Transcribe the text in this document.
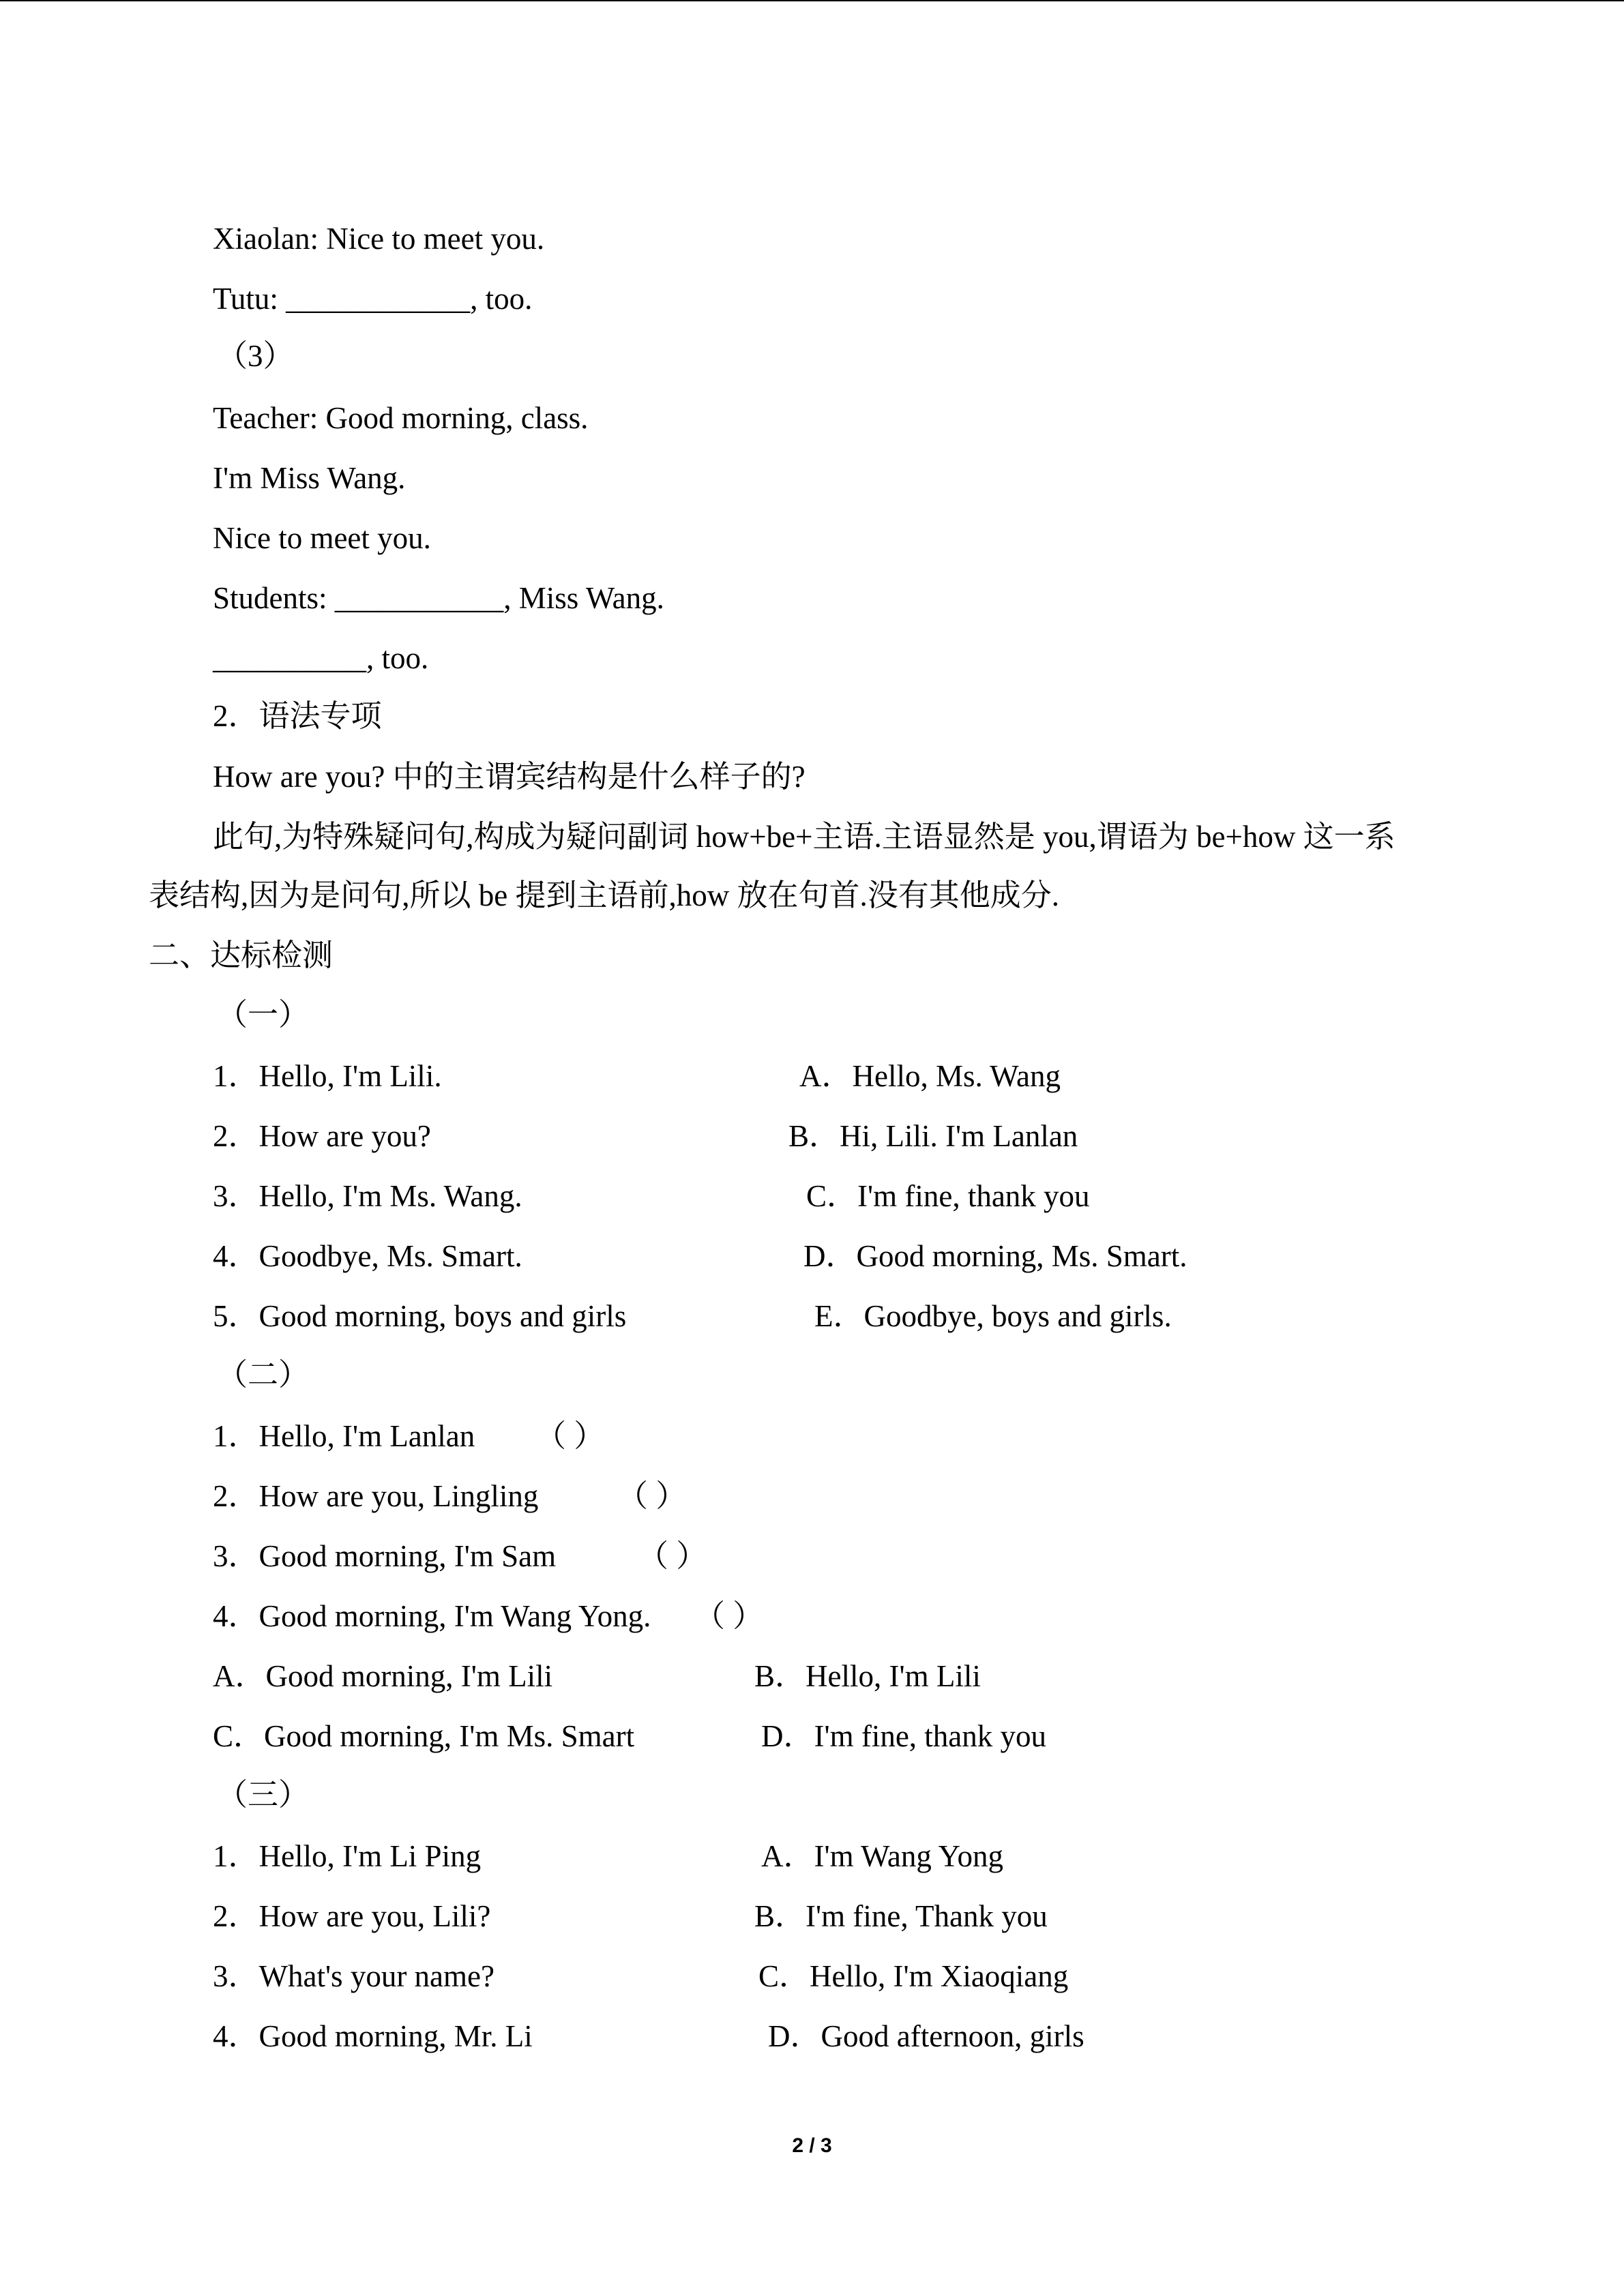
Xiaolan: Nice to meet you.
Tutu: ____________, too.
（3）
Teacher: Good morning, class.
I'm Miss Wang.
Nice to meet you.
Students: ___________, Miss Wang.
__________, too.
2．语法专项
How are you? 中的主谓宾结构是什么样子的?
此句,为特殊疑问句,构成为疑问副词 how+be+主语.主语显然是 you,谓语为 be+how 这一系
表结构,因为是问句,所以 be 提到主语前,how 放在句首.没有其他成分.
二、达标检测
（一）
1．Hello, I'm Lili.	A．Hello, Ms. Wang
2．How are you?	B．Hi, Lili. I'm Lanlan
3．Hello, I'm Ms. Wang.	C．I'm fine, thank you
4．Goodbye, Ms. Smart.	D．Good morning, Ms. Smart.
5．Good morning, boys and girls	E．Goodbye, boys and girls.
（二）
1．Hello, I'm Lanlan （ ）
2．How are you, Lingling	（ ）
3．Good morning, I'm Sam	（ ）
4．Good morning, I'm Wang Yong. （ ）
A．Good morning, I'm Lili	B．Hello, I'm Lili
C．Good morning, I'm Ms. Smart	D．I'm fine, thank you
（三）
1．Hello, I'm Li Ping	A．I'm Wang Yong
2．How are you, Lili?	B．I'm fine, Thank you
3．What's your name?	C．Hello, I'm Xiaoqiang
4．Good morning, Mr. Li	D．Good afternoon, girls
2 / 3
